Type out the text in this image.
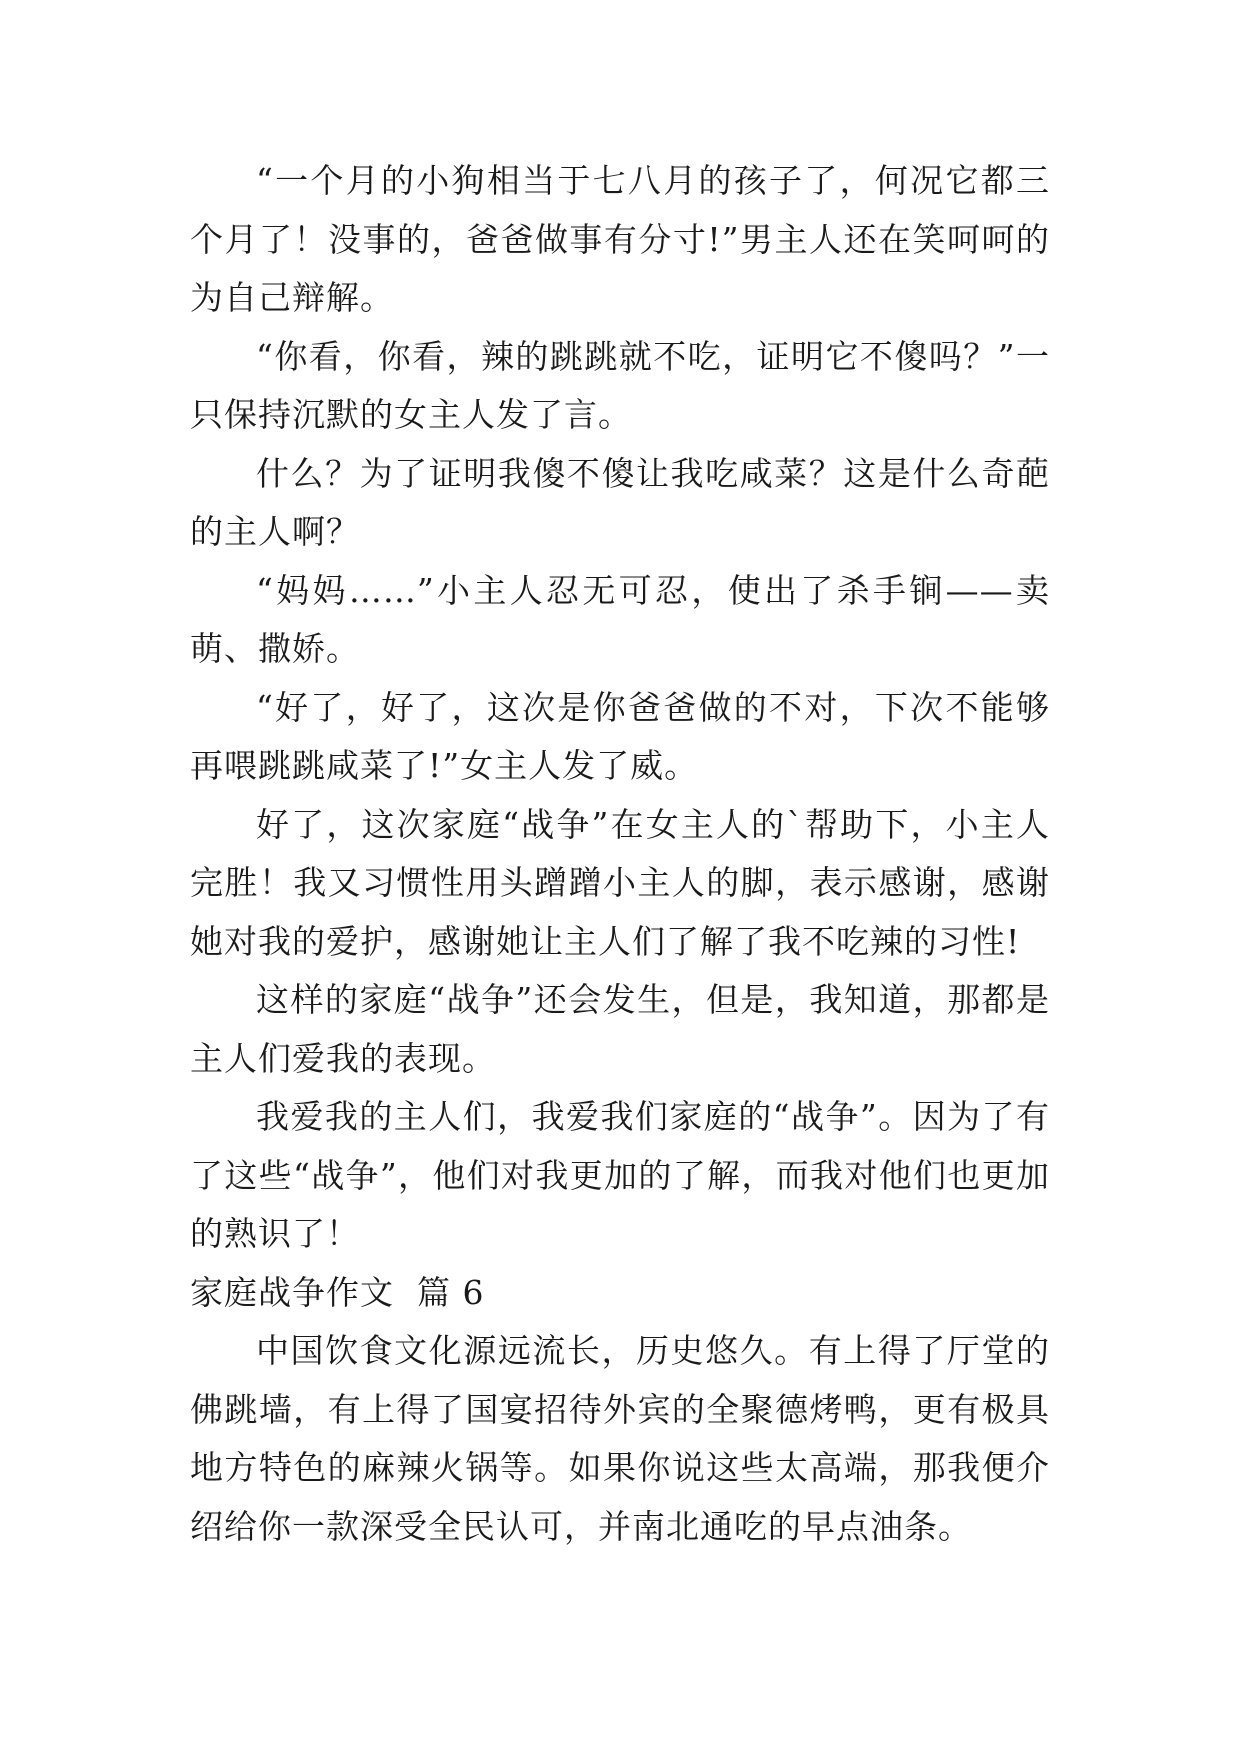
“一个月的小狗相当于七八月的孩子了，何况它都三个月了！没事的，爸爸做事有分寸!”男主人还在笑呵呵的为自己辩解。

“你看，你看，辣的跳跳就不吃，证明它不傻吗？”一只保持沉默的女主人发了言。

什么？为了证明我傻不傻让我吃咸菜？这是什么奇葩的主人啊？

“妈妈……”小主人忍无可忍，使出了杀手锏——卖萌、撒娇。

“好了，好了，这次是你爸爸做的不对，下次不能够再喂跳跳咸菜了!”女主人发了威。

好了，这次家庭“战争”在女主人的`帮助下，小主人完胜！我又习惯性用头蹭蹭小主人的脚，表示感谢，感谢她对我的爱护，感谢她让主人们了解了我不吃辣的习性!

这样的家庭“战争”还会发生，但是，我知道，那都是主人们爱我的表现。

我爱我的主人们，我爱我们家庭的“战争”。因为了有了这些“战争”，他们对我更加的了解，而我对他们也更加的熟识了！

家庭战争作文  篇 6

中国饮食文化源远流长，历史悠久。有上得了厅堂的佛跳墙，有上得了国宴招待外宾的全聚德烤鸭，更有极具地方特色的麻辣火锅等。如果你说这些太高端，那我便介绍给你一款深受全民认可，并南北通吃的早点油条。
